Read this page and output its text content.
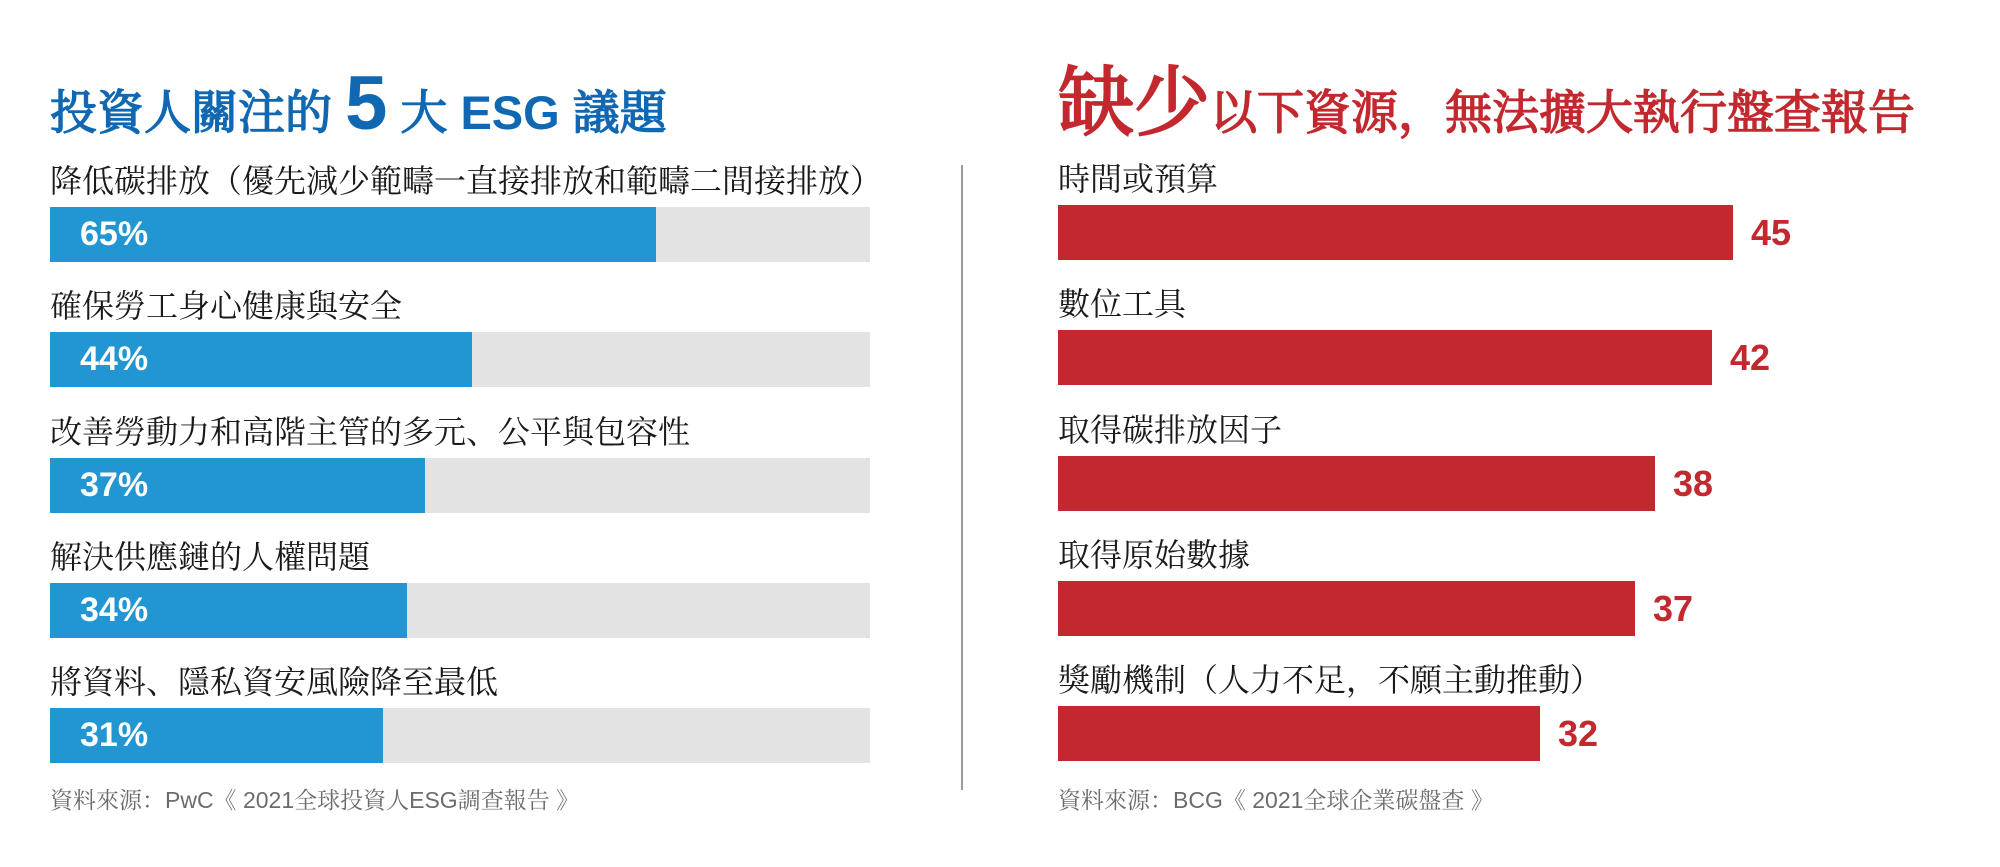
投資人關注的 5 大 ESG 議題	缺少 以下資源，無法擴大執行盤查報告
降低碳排放（優先減少範疇一直接排放和範疇二間接排放）
65%
確保勞工身心健康與安全
44%
改善勞動力和高階主管的多元、公平與包容性
37%
解決供應鏈的人權問題
34%
將資料、隱私資安風險降至最低
31%
時間或預算
45
數位工具
42
取得碳排放因子
38
取得原始數據
37
獎勵機制（人力不足，不願主動推動）
32
資料來源：PwC《 2021全球投資人ESG調查報告 》	資料來源：BCG《 2021全球企業碳盤查 》
